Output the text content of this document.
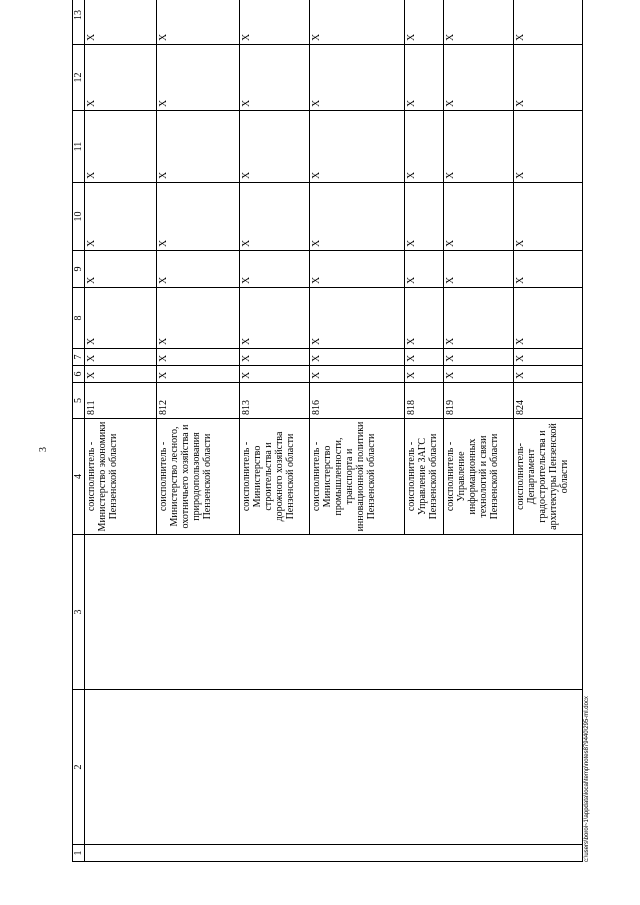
3
1	2	3	4	5	6	7	8	9	10	11	12	13	
			соисполнитель - Министерство экономики Пензенской области	811	X	X	X	X	X	X	X	X	
			соисполнитель - Министерство лесного, охотничьего хозяйства и природопользования Пензенской области	812	X	X	X	X	X	X	X	X	
			соисполнитель - Министерство строительства и дорожного хозяйства Пензенской области	813	X	X	X	X	X	X	X	X	
			соисполнитель - Министерство промышленности, транспорта и инновационной политики Пензенской области	816	X	X	X	X	X	X	X	X	
			соисполнитель - Управление ЗАГС Пензенской области	818	X	X	X	X	X	X	X	X	
			соисполнитель - Управление информационных технологий и связи Пензенской области	819	X	X	X	X	X	X	X	X	
			соисполнитель- Департамент градостроительства и архитектуры Пензенской области	824	X	X	X	X	X	X	X	X	
c:\users\borol~1\appdata\local\temp\notes879440\295-ml.docx
